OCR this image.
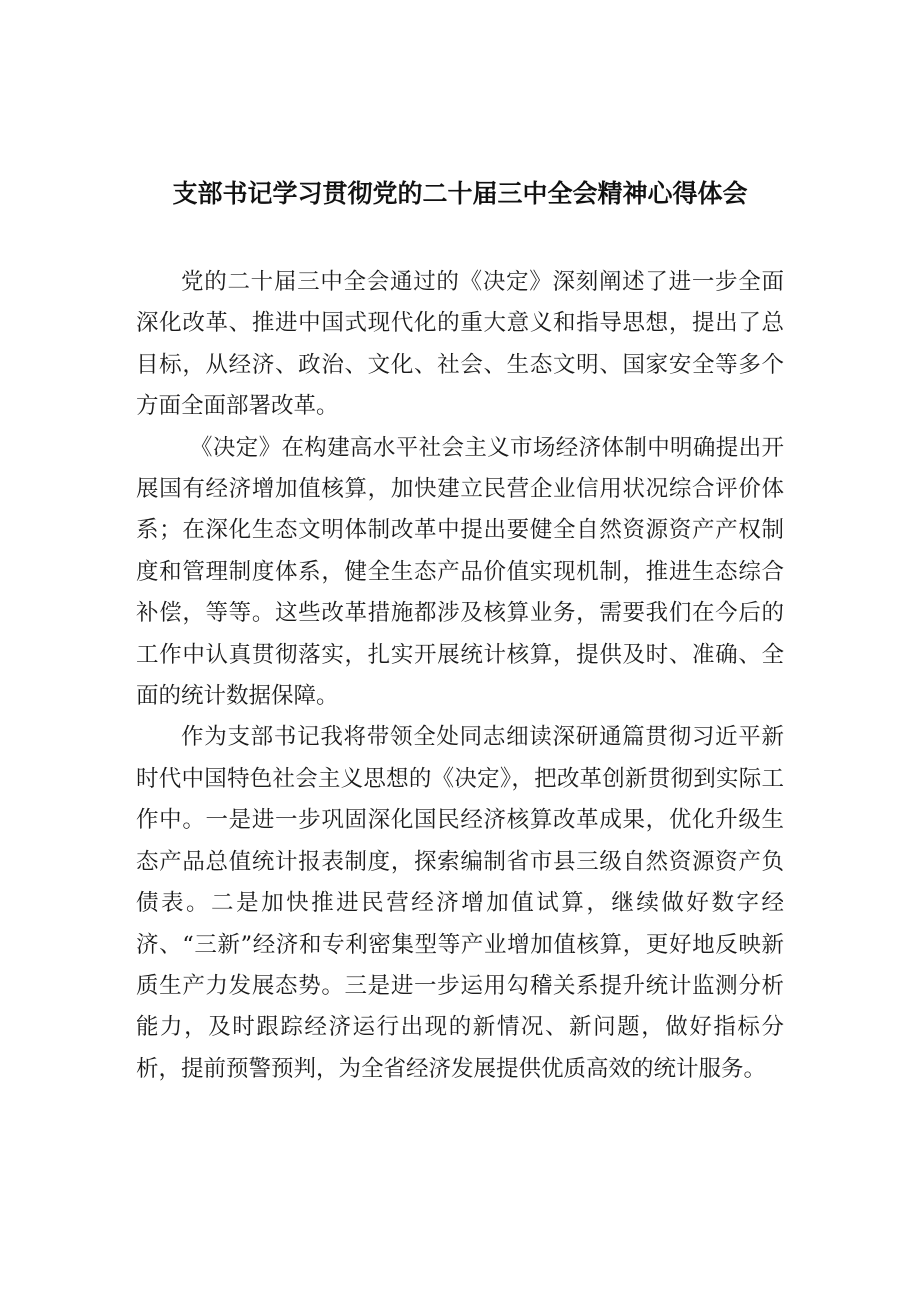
支部书记学习贯彻党的二十届三中全会精神心得体会

党的二十届三中全会通过的《决定》深刻阐述了进一步全面深化改革、推进中国式现代化的重大意义和指导思想，提出了总目标，从经济、政治、文化、社会、生态文明、国家安全等多个方面全面部署改革。

《决定》在构建高水平社会主义市场经济体制中明确提出开展国有经济增加值核算，加快建立民营企业信用状况综合评价体系；在深化生态文明体制改革中提出要健全自然资源资产产权制度和管理制度体系，健全生态产品价值实现机制，推进生态综合补偿，等等。这些改革措施都涉及核算业务，需要我们在今后的工作中认真贯彻落实，扎实开展统计核算，提供及时、准确、全面的统计数据保障。

作为支部书记我将带领全处同志细读深研通篇贯彻习近平新时代中国特色社会主义思想的《决定》，把改革创新贯彻到实际工作中。一是进一步巩固深化国民经济核算改革成果，优化升级生态产品总值统计报表制度，探索编制省市县三级自然资源资产负债表。二是加快推进民营经济增加值试算，继续做好数字经济、“三新”经济和专利密集型等产业增加值核算，更好地反映新质生产力发展态势。三是进一步运用勾稽关系提升统计监测分析能力，及时跟踪经济运行出现的新情况、新问题，做好指标分析，提前预警预判，为全省经济发展提供优质高效的统计服务。
